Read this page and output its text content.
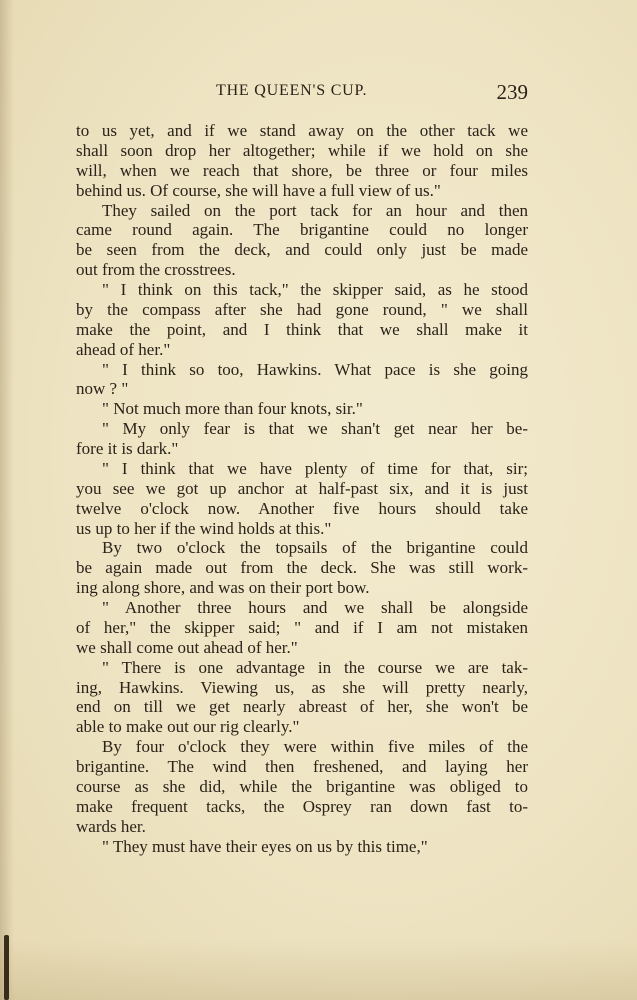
THE QUEEN'S CUP.	239
to us yet, and if we stand away on the other tack we
shall soon drop her altogether; while if we hold on she
will, when we reach that shore, be three or four miles
behind us. Of course, she will have a full view of us."
They sailed on the port tack for an hour and then
came round again. The brigantine could no longer
be seen from the deck, and could only just be made
out from the crosstrees.
" I think on this tack," the skipper said, as he stood
by the compass after she had gone round, " we shall
make the point, and I think that we shall make it
ahead of her."
" I think so too, Hawkins. What pace is she going
now ? "
" Not much more than four knots, sir."
" My only fear is that we shan't get near her be-
fore it is dark."
" I think that we have plenty of time for that, sir;
you see we got up anchor at half-past six, and it is just
twelve o'clock now. Another five hours should take
us up to her if the wind holds at this."
By two o'clock the topsails of the brigantine could
be again made out from the deck. She was still work-
ing along shore, and was on their port bow.
" Another three hours and we shall be alongside
of her," the skipper said; " and if I am not mistaken
we shall come out ahead of her."
" There is one advantage in the course we are tak-
ing, Hawkins. Viewing us, as she will pretty nearly,
end on till we get nearly abreast of her, she won't be
able to make out our rig clearly."
By four o'clock they were within five miles of the
brigantine. The wind then freshened, and laying her
course as she did, while the brigantine was obliged to
make frequent tacks, the Osprey ran down fast to-
wards her.
" They must have their eyes on us by this time,"
